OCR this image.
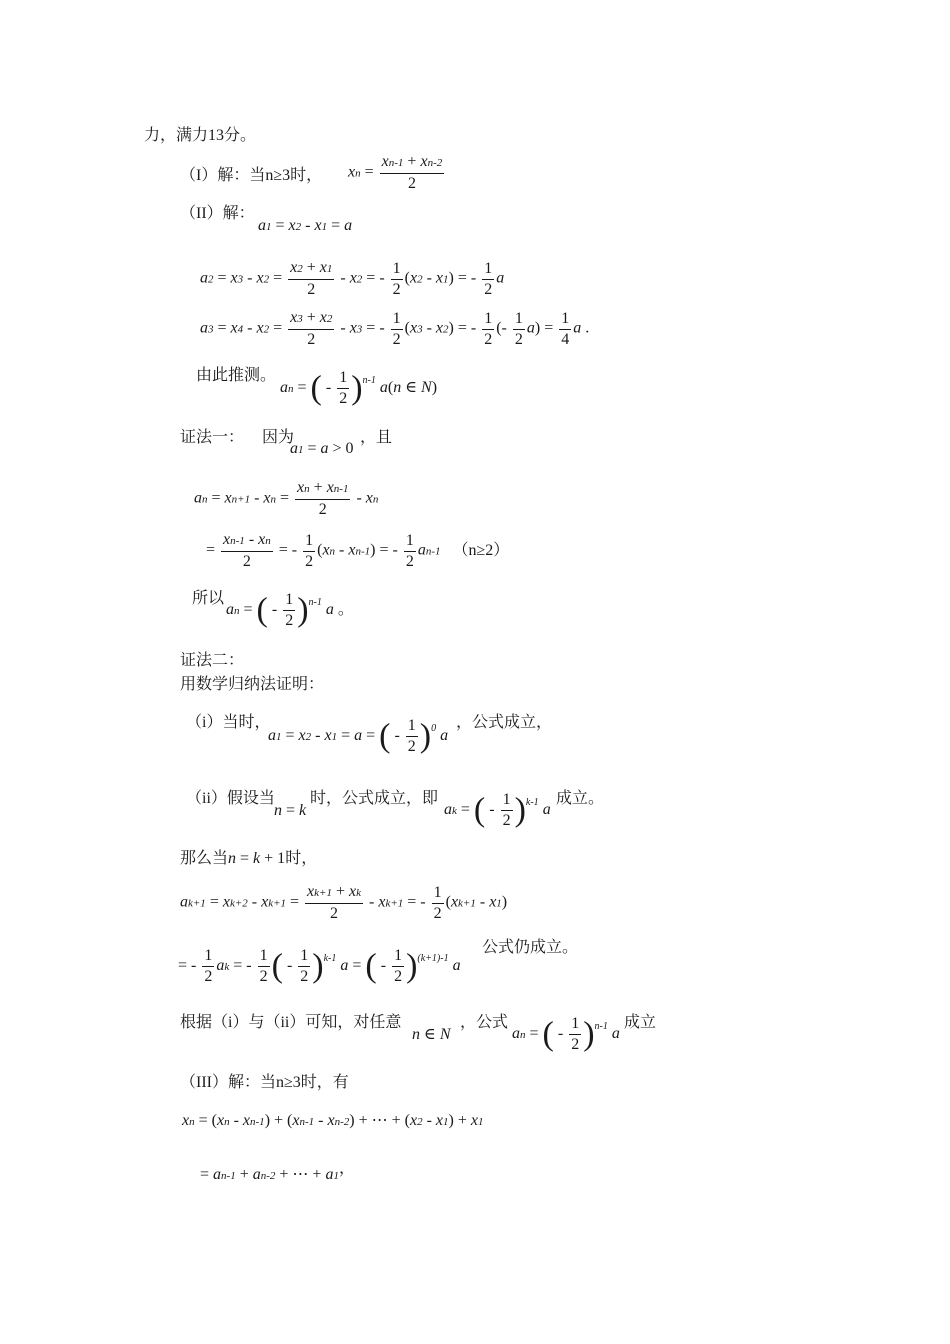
力，满力13分。
（I）解：当n≥3时， xn = $\frac{xn-1 + xn-2}{2}$
（II）解：
a1 = x2 - x1 = a
$a2 = x3 - x2 = \frac{x2 + x1}{2} - x2$ = - $\frac{1}{2} (x2 - x1)$ = - $\frac{1}{2}$ a
$a3 = x4 - x2 = \frac{x3 + x2}{2} - x3$ = - $\frac{1}{2} (x3 - x2)$ = - $\frac{1}{2}$ (- $\frac{1}{2} a) = \frac{1}{4}$ a .
由此推测。
an = ( - $\frac{1}{2} )^{n-1}$ a(n ∈ N)
证法一： 因为
a1 = a > 0
，且
an = xn+1 - xn = $\frac{xn + xn-1}{2}$ - xn
= $\frac{xn-1 - xn}{2}$ = - $\frac{1}{2} (xn - xn-1)$ = - $\frac{1}{2} an-1$ （n≥2）
所以
an = ( - $\frac{1}{2} )^{n-1}$ a 。
证法二：
用数学归纳法证明：
（i）当时，
a1 = x2 - x1 = a = ( - $\frac{1}{2} )^0$ a
，公式成立，
（ii）假设当
n = k
时，公式成立，即
ak = ( - $\frac{1}{2} )^{k-1}$ a
成立。
那么当n = k + 1时，
$ak+1 = xk+2 - xk+1 = \frac{xk+1 + xk}{2} - xk+1$ = - $\frac{1}{2} (xk+1 - x1)$
= - $\frac{1}{2}$ ak = - $\frac{1}{2}$ ( - $\frac{1}{2} )^{k-1}$ a = ( - $\frac{1}{2} )^{(k+1)-1}$ a
公式仍成立。
根据（i）与（ii）可知，对任意
n ∈ N
，公式
an = ( - $\frac{1}{2} )^{n-1}$ a
成立
（III）解：当n≥3时，有
xn = (xn - xn-1) + (xn-1 - xn-2) + ⋯ + (x2 - x1) + x1
= an-1 + an-2 + ⋯ + a1，
